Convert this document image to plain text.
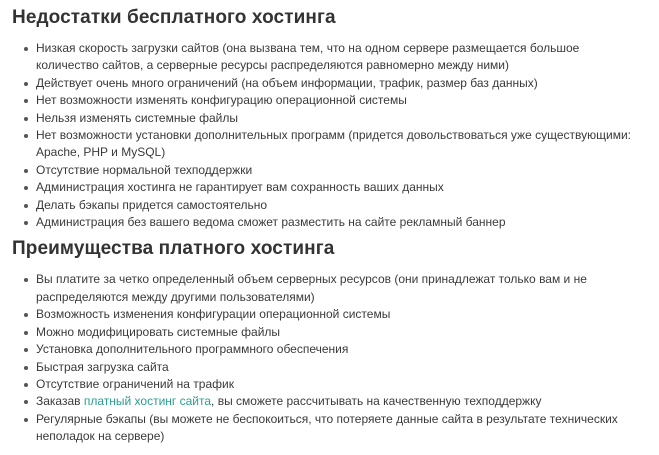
Недостатки бесплатного хостинга
Низкая скорость загрузки сайтов (она вызвана тем, что на одном сервере размещается большое количество сайтов, а серверные ресурсы распределяются равномерно между ними)
Действует очень много ограничений (на объем информации, трафик, размер баз данных)
Нет возможности изменять конфигурацию операционной системы
Нельзя изменять системные файлы
Нет возможности установки дополнительных программ (придется довольствоваться уже существующими: Apache, PHP и MySQL)
Отсутствие нормальной техподдержки
Администрация хостинга не гарантирует вам сохранность ваших данных
Делать бэкапы придется самостоятельно
Администрация без вашего ведома сможет разместить на сайте рекламный баннер
Преимущества платного хостинга
Вы платите за четко определенный объем серверных ресурсов (они принадлежат только вам и не распределяются между другими пользователями)
Возможность изменения конфигурации операционной системы
Можно модифицировать системные файлы
Установка дополнительного программного обеспечения
Быстрая загрузка сайта
Отсутствие ограничений на трафик
Заказав платный хостинг сайта, вы сможете рассчитывать на качественную техподдержку
Регулярные бэкапы (вы можете не беспокоиться, что потеряете данные сайта в результате технических неполадок на сервере)
